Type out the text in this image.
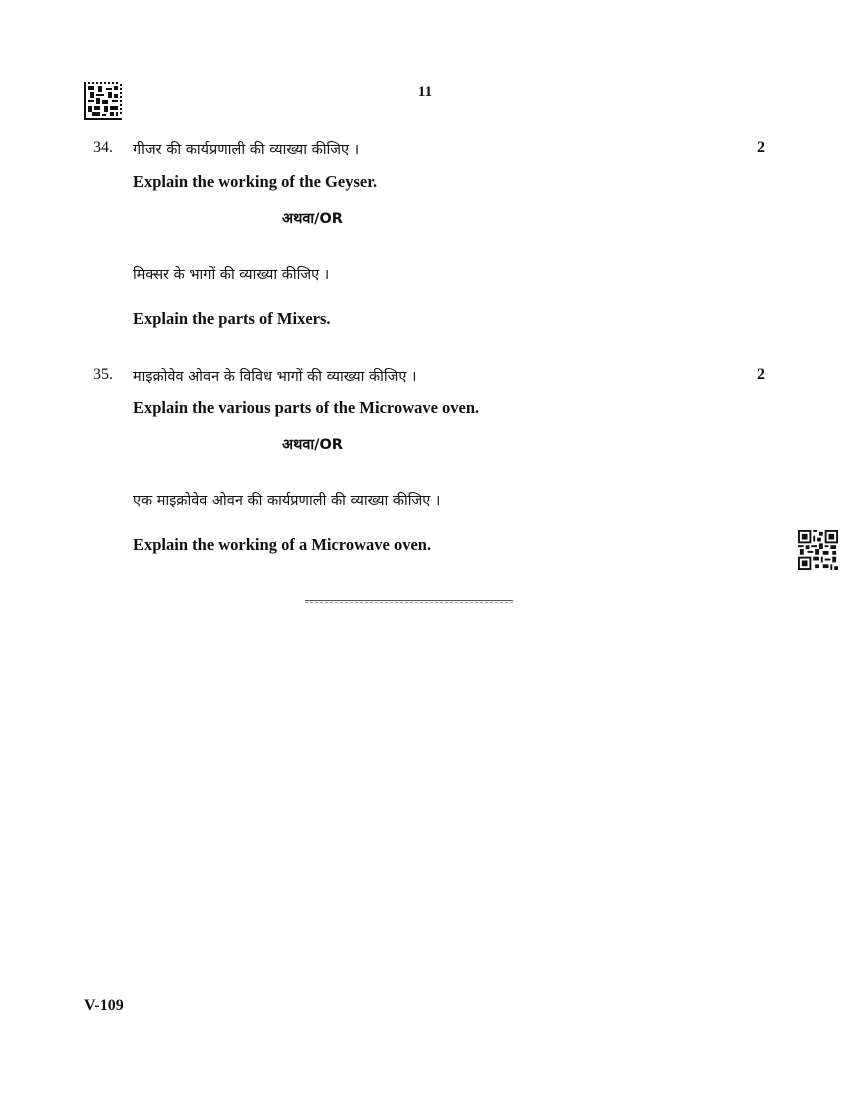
11
34. गीजर की कार्यप्रणाली की व्याख्या कीजिए ।	2
Explain the working of the Geyser.
अथवा/OR
मिक्सर के भागों की व्याख्या कीजिए ।
Explain the parts of Mixers.
35. माइक्रोवेव ओवन के विविध भागों की व्याख्या कीजिए ।	2
Explain the various parts of the Microwave oven.
अथवा/OR
एक माइक्रोवेव ओवन की कार्यप्रणाली की व्याख्या कीजिए ।
Explain the working of a Microwave oven.
V-109
